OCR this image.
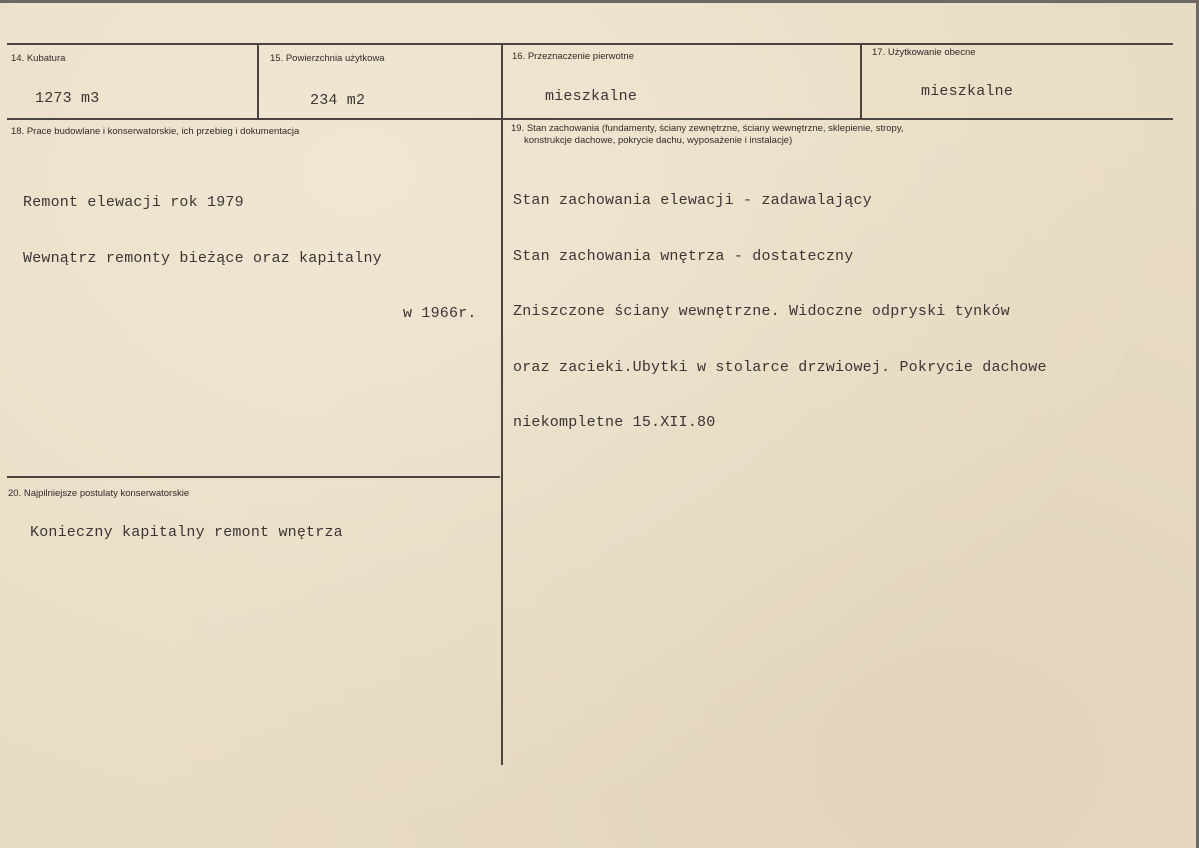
14. Kubatura
1273 m3
15. Powierzchnia użytkowa
234 m2
16. Przeznaczenie pierwotne
mieszkalne
17. Użytkowanie obecne
mieszkalne
18. Prace budowlane i konserwatorskie, ich przebieg i dokumentacja

Remont elewacji rok 1979

Wewnątrz remonty bieżące oraz kapitalny

w 1966r.

19. Stan zachowania (fundamenty, ściany zewnętrzne, ściany wewnętrzne, sklepienie, stropy,
konstrukcje dachowe, pokrycie dachu, wyposażenie i instalacje)

Stan zachowania elewacji - zadawalający

Stan zachowania wnętrza - dostateczny

Zniszczone ściany wewnętrzne. Widoczne odpryski tynków

oraz zacieki.Ubytki w stolarce drzwiowej. Pokrycie dachowe

niekompletne 15.XII.80

20. Najpilniejsze postulaty konserwatorskie
Konieczny kapitalny remont wnętrza
